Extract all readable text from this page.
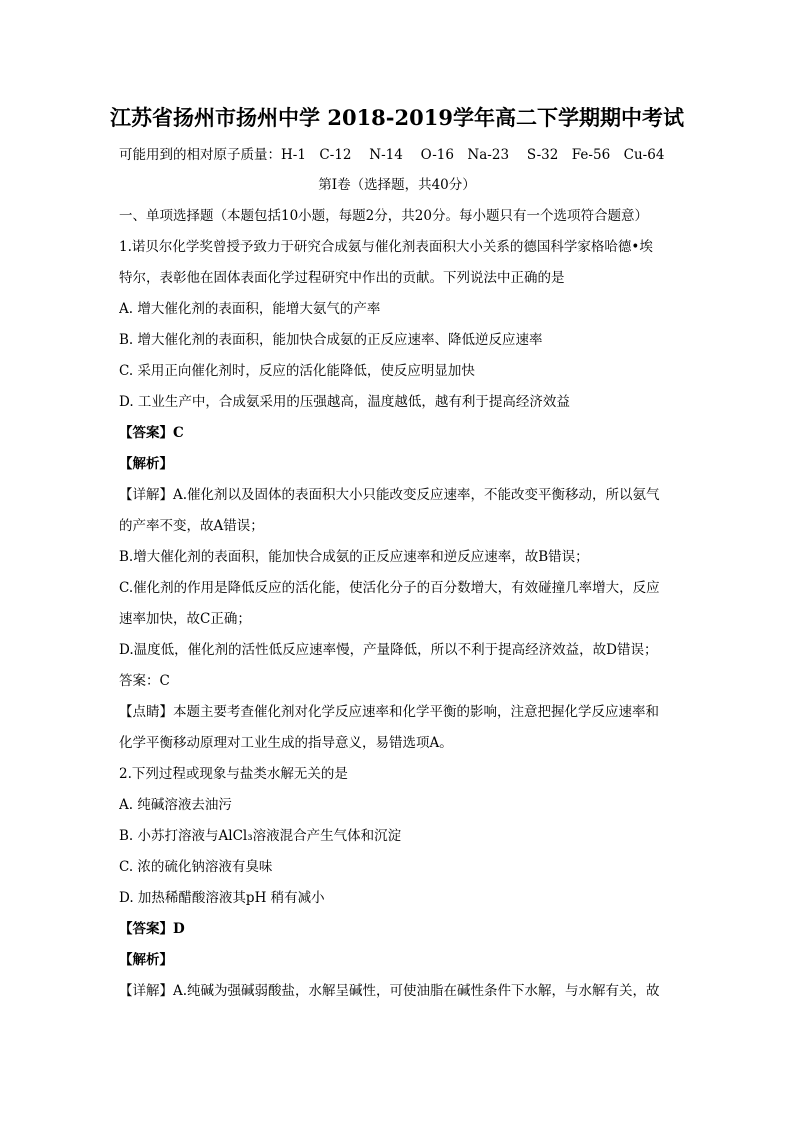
江苏省扬州市扬州中学 2018-2019学年高二下学期期中考试
可能用到的相对原子质量：H-1　C-12　 N-14　 O-16　Na-23　 S-32　Fe-56　Cu-64
第Ⅰ卷（选择题，共40分）
一、单项选择题（本题包括10小题，每题2分，共20分。每小题只有一个选项符合题意）
1.诺贝尔化学奖曾授予致力于研究合成氨与催化剂表面积大小关系的德国科学家格哈德•埃
特尔，表彰他在固体表面化学过程研究中作出的贡献。下列说法中正确的是
A. 增大催化剂的表面积，能增大氨气的产率
B. 增大催化剂的表面积，能加快合成氨的正反应速率、降低逆反应速率
C. 采用正向催化剂时，反应的活化能降低，使反应明显加快
D. 工业生产中，合成氨采用的压强越高，温度越低，越有利于提高经济效益
【答案】C
【解析】
【详解】A.催化剂以及固体的表面积大小只能改变反应速率，不能改变平衡移动，所以氨气
的产率不变，故A错误；
B.增大催化剂的表面积，能加快合成氨的正反应速率和逆反应速率，故B错误；
C.催化剂的作用是降低反应的活化能，使活化分子的百分数增大，有效碰撞几率增大，反应
速率加快，故C正确；
D.温度低，催化剂的活性低反应速率慢，产量降低，所以不利于提高经济效益，故D错误；
答案：C
【点睛】本题主要考查催化剂对化学反应速率和化学平衡的影响，注意把握化学反应速率和
化学平衡移动原理对工业生成的指导意义，易错选项A。
2.下列过程或现象与盐类水解无关的是
A. 纯碱溶液去油污
B. 小苏打溶液与AlCl₃溶液混合产生气体和沉淀
C. 浓的硫化钠溶液有臭味
D. 加热稀醋酸溶液其pH 稍有减小
【答案】D
【解析】
【详解】A.纯碱为强碱弱酸盐，水解呈碱性，可使油脂在碱性条件下水解，与水解有关，故
